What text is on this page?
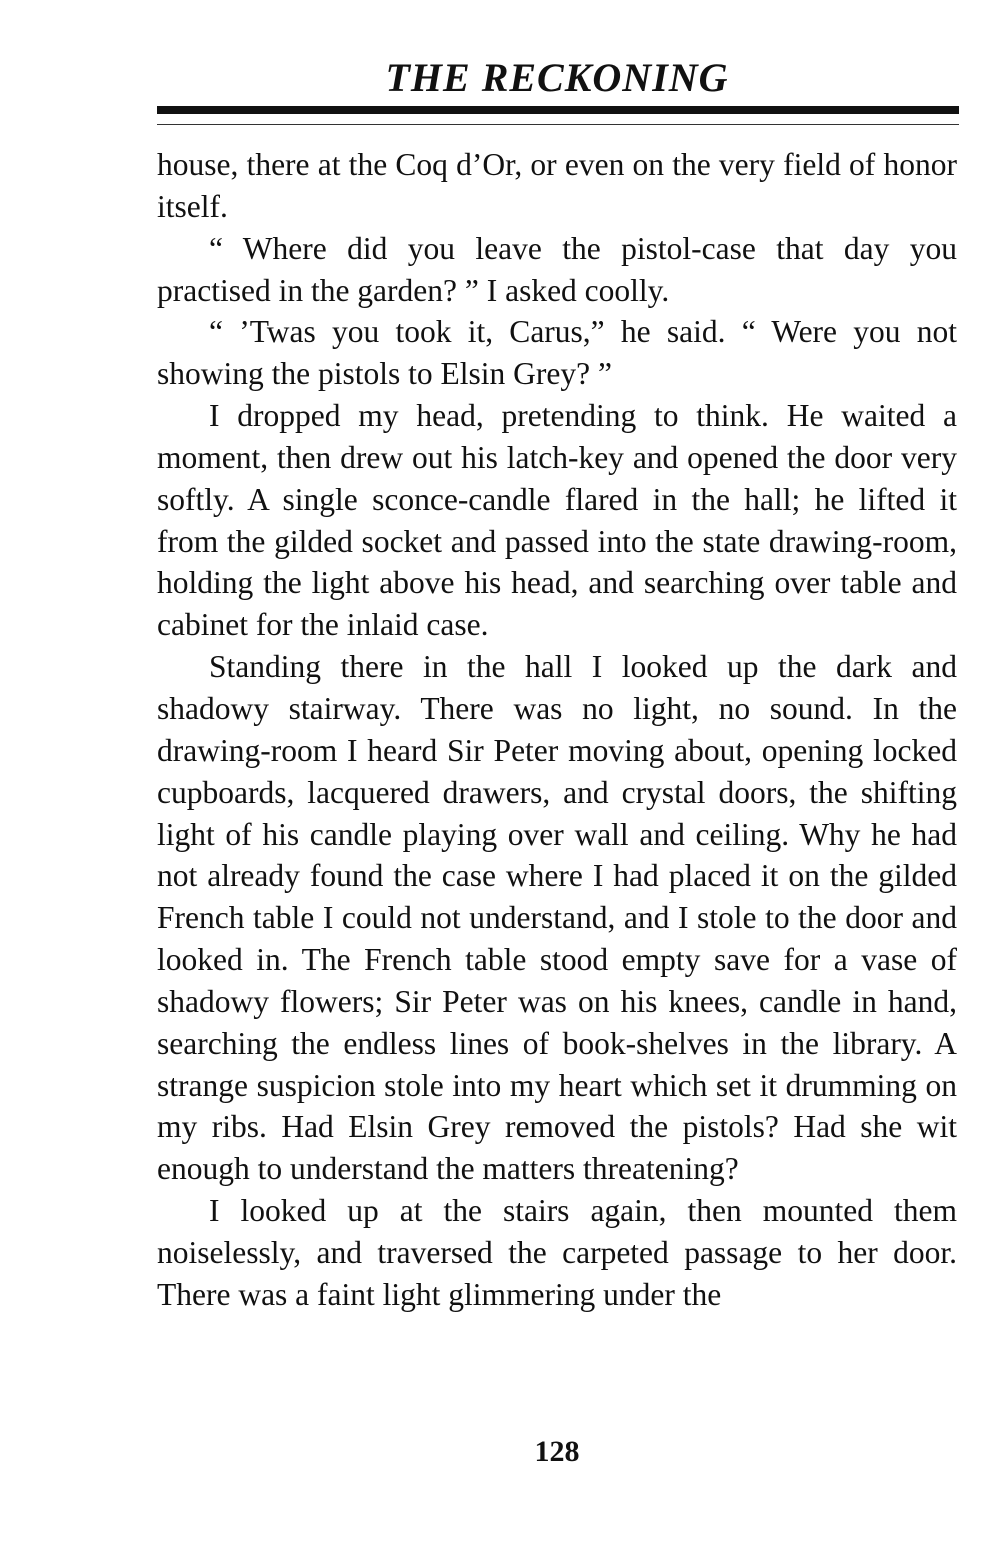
THE RECKONING

house, there at the Coq d’Or, or even on the very field of honor itself.

“ Where did you leave the pistol-case that day you practised in the garden? ” I asked coolly.

“ ’Twas you took it, Carus,” he said. “ Were you not showing the pistols to Elsin Grey? ”

I dropped my head, pretending to think. He waited a moment, then drew out his latch-key and opened the door very softly. A single sconce-candle flared in the hall; he lifted it from the gilded socket and passed into the state drawing-room, holding the light above his head, and searching over table and cabinet for the inlaid case.

Standing there in the hall I looked up the dark and shadowy stairway. There was no light, no sound. In the drawing-room I heard Sir Peter moving about, opening locked cupboards, lacquered drawers, and crystal doors, the shifting light of his candle playing over wall and ceiling. Why he had not already found the case where I had placed it on the gilded French table I could not understand, and I stole to the door and looked in. The French table stood empty save for a vase of shadowy flowers; Sir Peter was on his knees, candle in hand, searching the endless lines of book-shelves in the library. A strange suspicion stole into my heart which set it drumming on my ribs. Had Elsin Grey removed the pistols? Had she wit enough to understand the matters threatening?

I looked up at the stairs again, then mounted them noiselessly, and traversed the carpeted passage to her door. There was a faint light glimmering under the

128
